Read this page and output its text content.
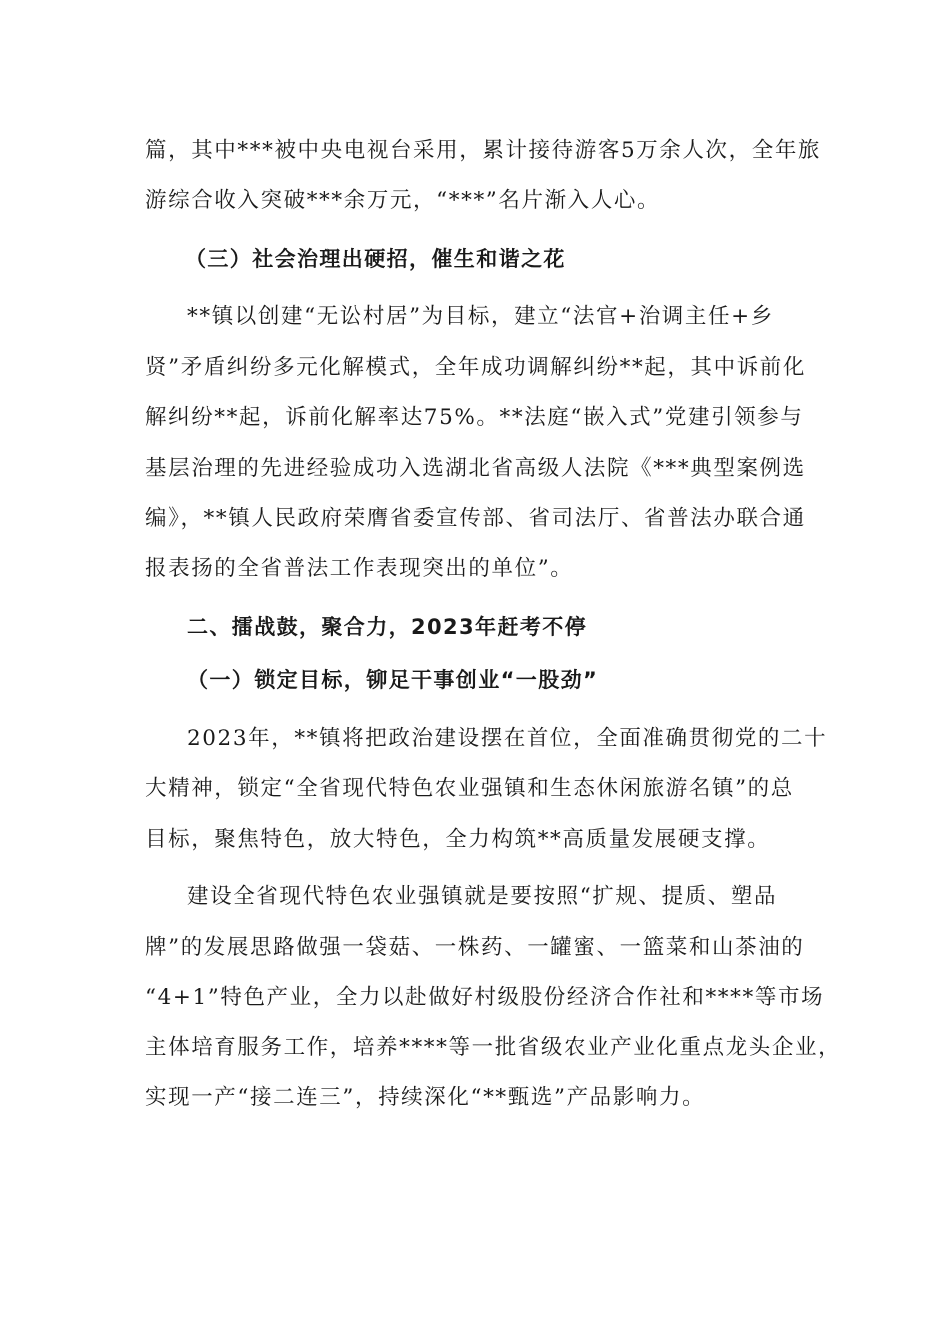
篇，其中***被中央电视台采用，累计接待游客5万余人次，全年旅
游综合收入突破***余万元，“***”名片渐入人心。
（三）社会治理出硬招，催生和谐之花
**镇以创建“无讼村居”为目标，建立“法官+治调主任+乡
贤”矛盾纠纷多元化解模式，全年成功调解纠纷**起，其中诉前化
解纠纷**起，诉前化解率达75%。**法庭“嵌入式”党建引领参与
基层治理的先进经验成功入选湖北省高级人法院《***典型案例选
编》，**镇人民政府荣膺省委宣传部、省司法厅、省普法办联合通
报表扬的全省普法工作表现突出的单位”。
二、擂战鼓，聚合力，2023年赶考不停
（一）锁定目标，铆足干事创业“一股劲”
2023年，**镇将把政治建设摆在首位，全面准确贯彻党的二十
大精神，锁定“全省现代特色农业强镇和生态休闲旅游名镇”的总
目标，聚焦特色，放大特色，全力构筑**高质量发展硬支撑。
建设全省现代特色农业强镇就是要按照“扩规、提质、塑品
牌”的发展思路做强一袋菇、一株药、一罐蜜、一篮菜和山茶油的
“4+1”特色产业，全力以赴做好村级股份经济合作社和****等市场
主体培育服务工作，培养****等一批省级农业产业化重点龙头企业，
实现一产“接二连三”，持续深化“**甄选”产品影响力。
